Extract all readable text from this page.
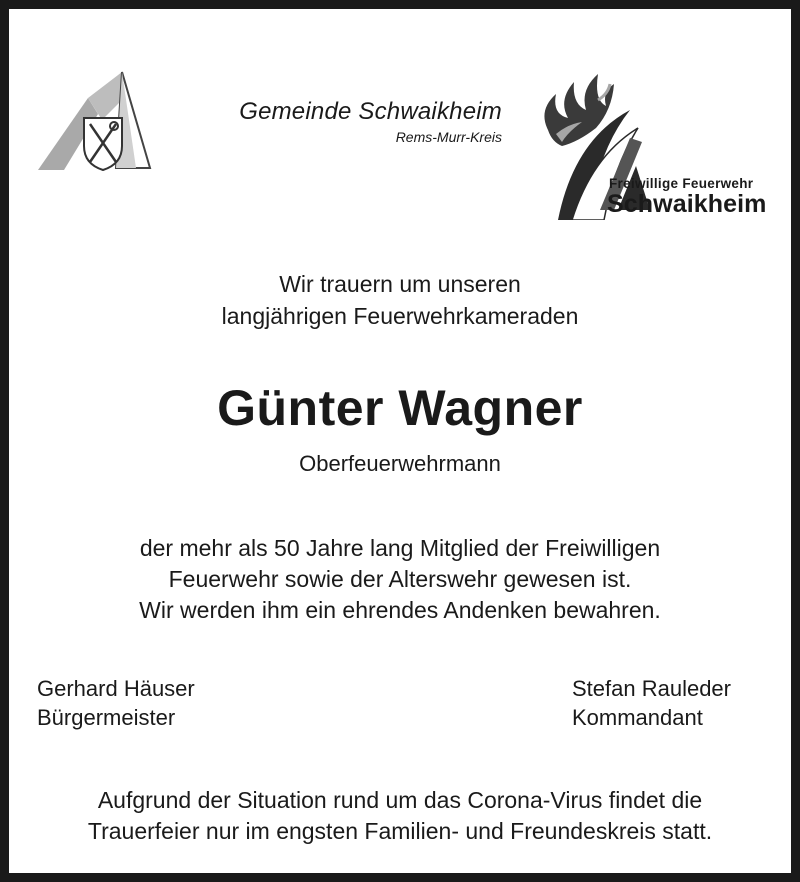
Gemeinde Schwaikheim
Rems-Murr-Kreis
Freiwillige Feuerwehr
Schwaikheim
Wir trauern um unseren
langjährigen Feuerwehrkameraden
Günter Wagner
Oberfeuerwehrmann
der mehr als 50 Jahre lang Mitglied der Freiwilligen
Feuerwehr sowie der Alterswehr gewesen ist.
Wir werden ihm ein ehrendes Andenken bewahren.
Gerhard Häuser
Bürgermeister
Stefan Rauleder
Kommandant
Aufgrund der Situation rund um das Corona-Virus findet die
Trauerfeier nur im engsten Familien- und Freundeskreis statt.
